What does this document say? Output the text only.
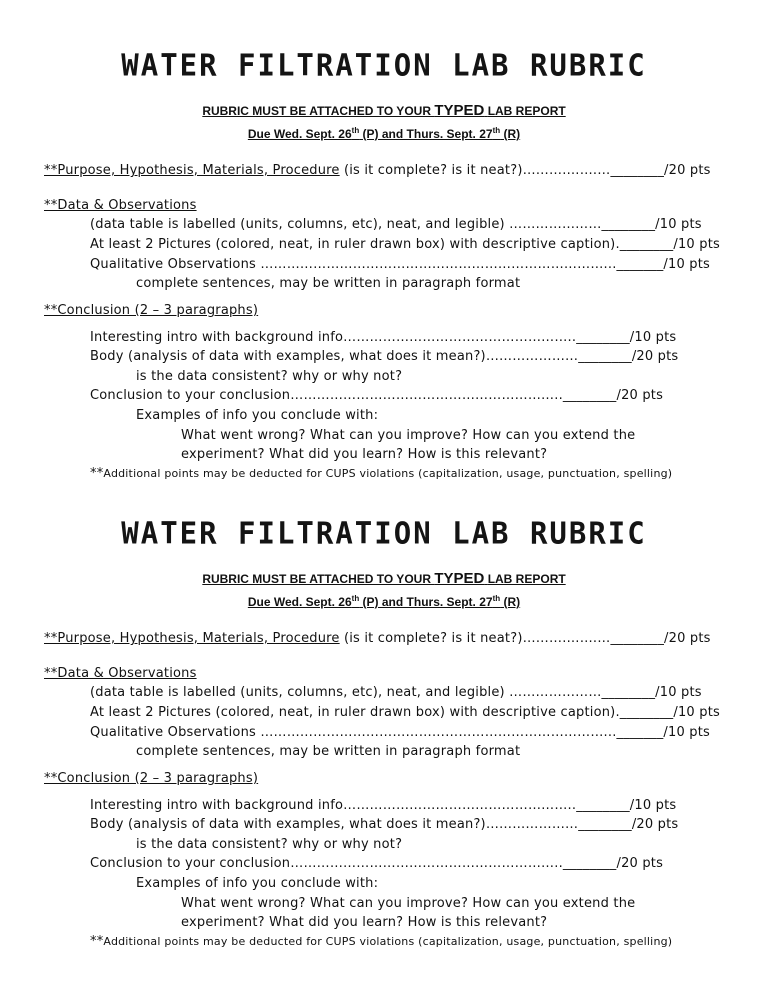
WATER FILTRATION LAB RUBRIC
RUBRIC MUST BE ATTACHED TO YOUR TYPED LAB REPORT
Due Wed. Sept. 26th (P) and Thurs. Sept. 27th (R)
**Purpose, Hypothesis, Materials, Procedure (is it complete? is it neat?)……….…….…________/20 pts
**Data & Observations
(data table is labelled (units, columns, etc), neat, and legible) …………………________/10 pts
At least 2 Pictures (colored, neat, in ruler drawn box) with descriptive caption).________/10 pts
Qualitative Observations ……………………………………………………………………..._______/10 pts
complete sentences, may be written in paragraph format
**Conclusion (2 – 3 paragraphs)
Interesting intro with background info……………………………………………..________/10 pts
Body (analysis of data with examples, what does it mean?)…………………________/20 pts
is the data consistent? why or why not?
Conclusion to your conclusion……………………………………………………..________/20 pts
Examples of info you conclude with:
What went wrong? What can you improve? How can you extend the
experiment? What did you learn? How is this relevant?
**Additional points may be deducted for CUPS violations (capitalization, usage, punctuation, spelling)
WATER FILTRATION LAB RUBRIC
RUBRIC MUST BE ATTACHED TO YOUR TYPED LAB REPORT
Due Wed. Sept. 26th (P) and Thurs. Sept. 27th (R)
**Purpose, Hypothesis, Materials, Procedure (is it complete? is it neat?)……….…….…________/20 pts
**Data & Observations
(data table is labelled (units, columns, etc), neat, and legible) …………………________/10 pts
At least 2 Pictures (colored, neat, in ruler drawn box) with descriptive caption).________/10 pts
Qualitative Observations ……………………………………………………………………..._______/10 pts
complete sentences, may be written in paragraph format
**Conclusion (2 – 3 paragraphs)
Interesting intro with background info……………………………………………..________/10 pts
Body (analysis of data with examples, what does it mean?)…………………________/20 pts
is the data consistent? why or why not?
Conclusion to your conclusion……………………………………………………..________/20 pts
Examples of info you conclude with:
What went wrong? What can you improve? How can you extend the
experiment? What did you learn? How is this relevant?
**Additional points may be deducted for CUPS violations (capitalization, usage, punctuation, spelling)
